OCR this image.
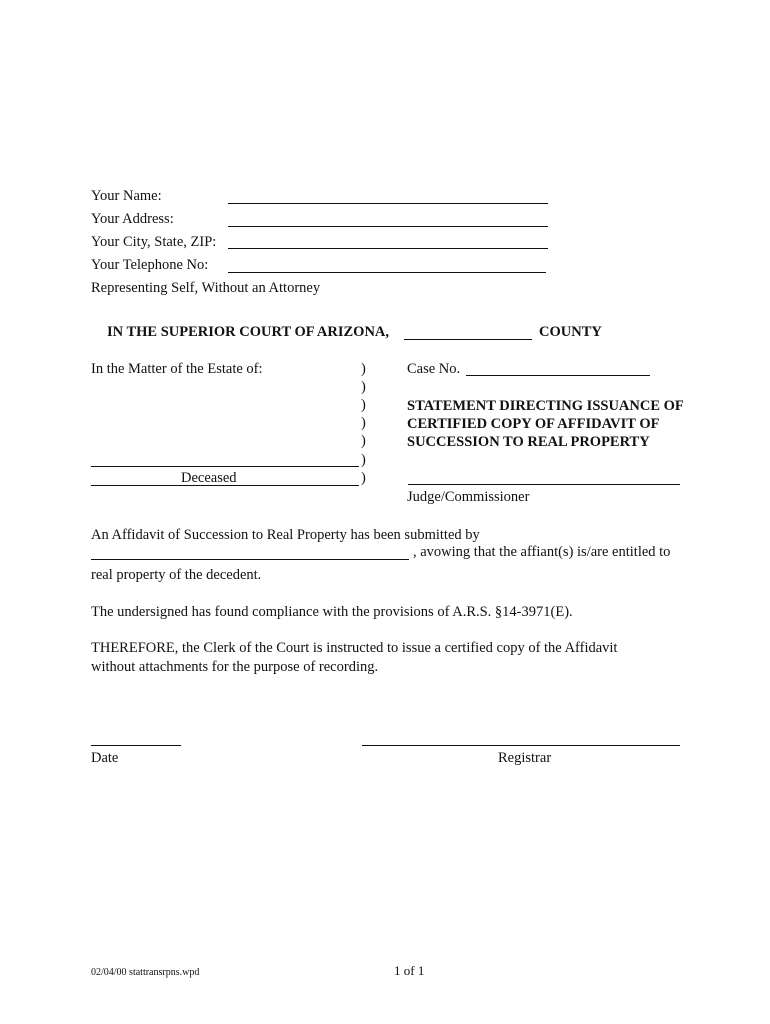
Your Name:
Your Address:
Your City, State, ZIP:
Your Telephone No:
Representing Self, Without an Attorney
IN THE SUPERIOR COURT OF ARIZONA,	COUNTY
In the Matter of the Estate of:
Deceased
)
)
)
)
)
)
)
Case No.
STATEMENT DIRECTING ISSUANCE OF
CERTIFIED COPY OF AFFIDAVIT OF
SUCCESSION TO REAL PROPERTY
Judge/Commissioner
An Affidavit of Succession to Real Property has been submitted by
, avowing that the affiant(s) is/are entitled to
real property of the decedent.
The undersigned has found compliance with the provisions of A.R.S. §14-3971(E).
THEREFORE, the Clerk of the Court is instructed to issue a certified copy of the Affidavit
without attachments for the purpose of recording.
Date	Registrar
02/04/00 stattransrpns.wpd	1 of 1
